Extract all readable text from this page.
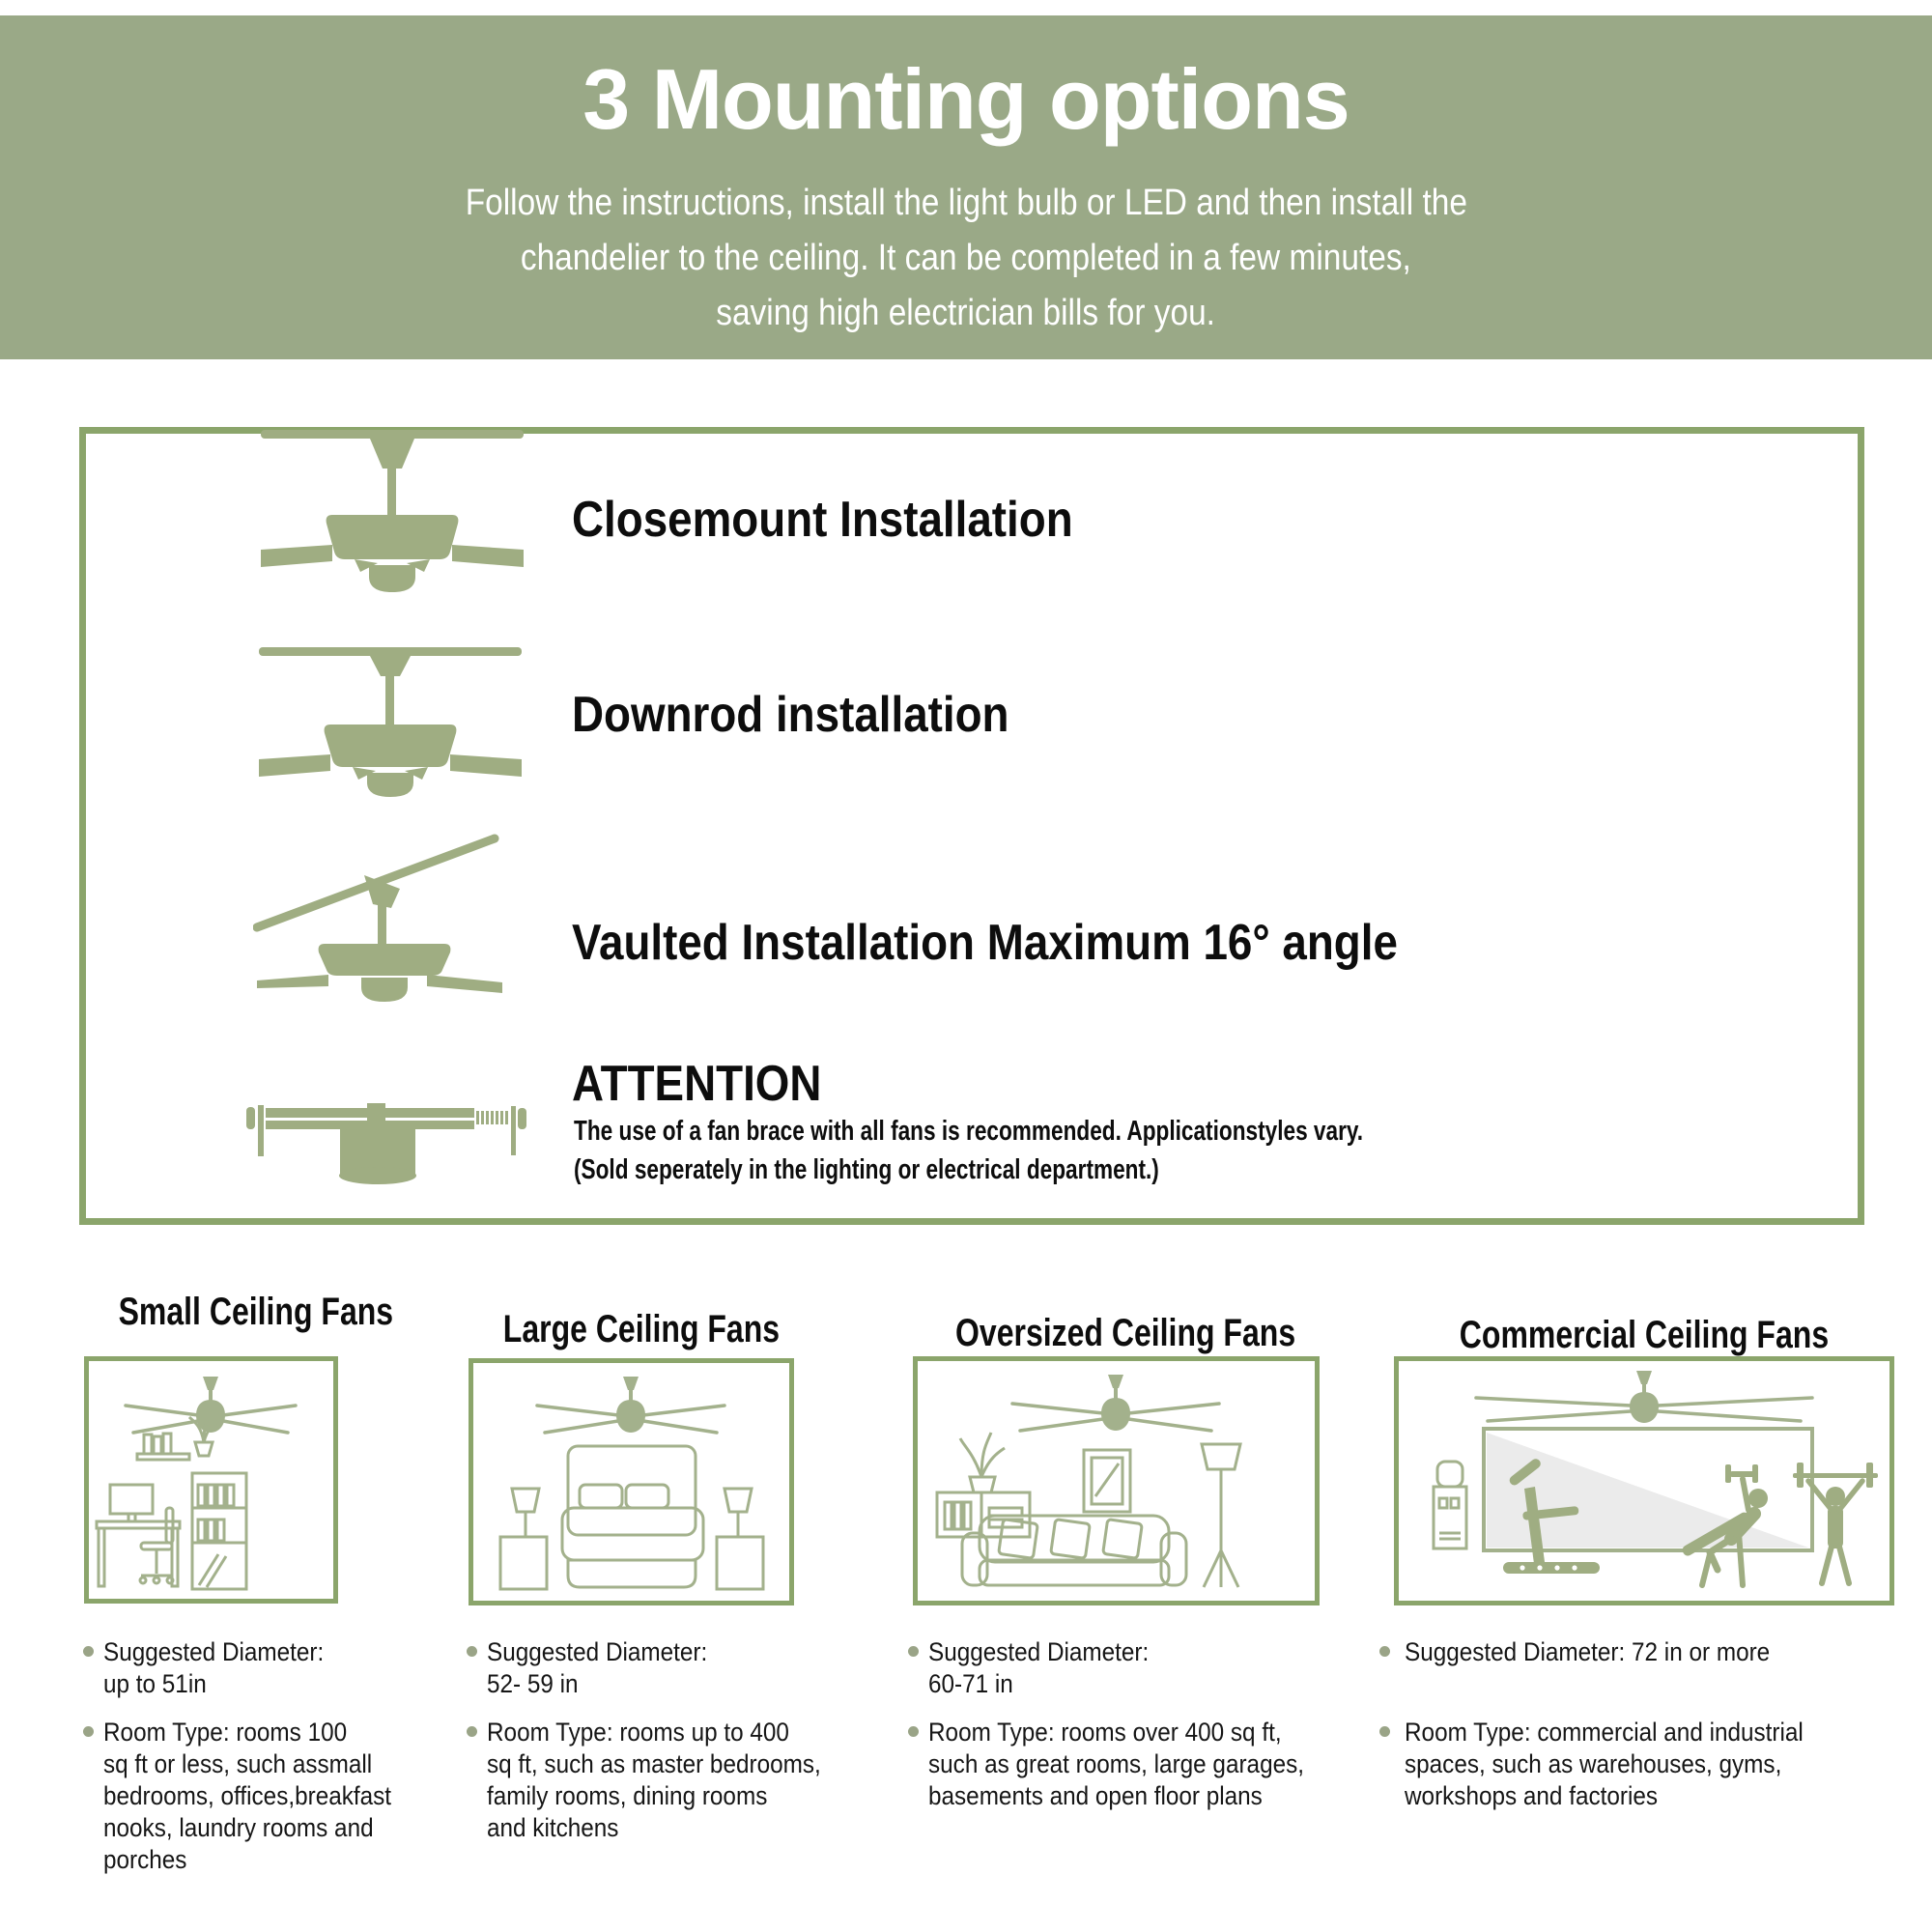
3 Mounting options
Follow the instructions, install the light bulb or LED and then install the
chandelier to the ceiling. It can be completed in a few minutes,
saving high electrician bills for you.
Closemount Installation
Downrod installation
Vaulted Installation Maximum 16° angle
ATTENTION
The use of a fan brace with all fans is recommended. Applicationstyles vary.
(Sold seperately in the lighting or electrical department.)
Small Ceiling Fans	Large Ceiling Fans	Oversized Ceiling Fans	Commercial Ceiling Fans
Suggested Diameter:
up to 51in
Room Type: rooms 100
sq ft or less, such assmall
bedrooms, offices,breakfast
nooks, laundry rooms and
porches
Suggested Diameter:
52- 59 in
Room Type: rooms up to 400
sq ft, such as master bedrooms,
family rooms, dining rooms
and kitchens
Suggested Diameter:
60-71 in
Room Type: rooms over 400 sq ft,
such as great rooms, large garages,
basements and open floor plans
Suggested Diameter: 72 in or more
Room Type: commercial and industrial
spaces, such as warehouses, gyms,
workshops and factories
